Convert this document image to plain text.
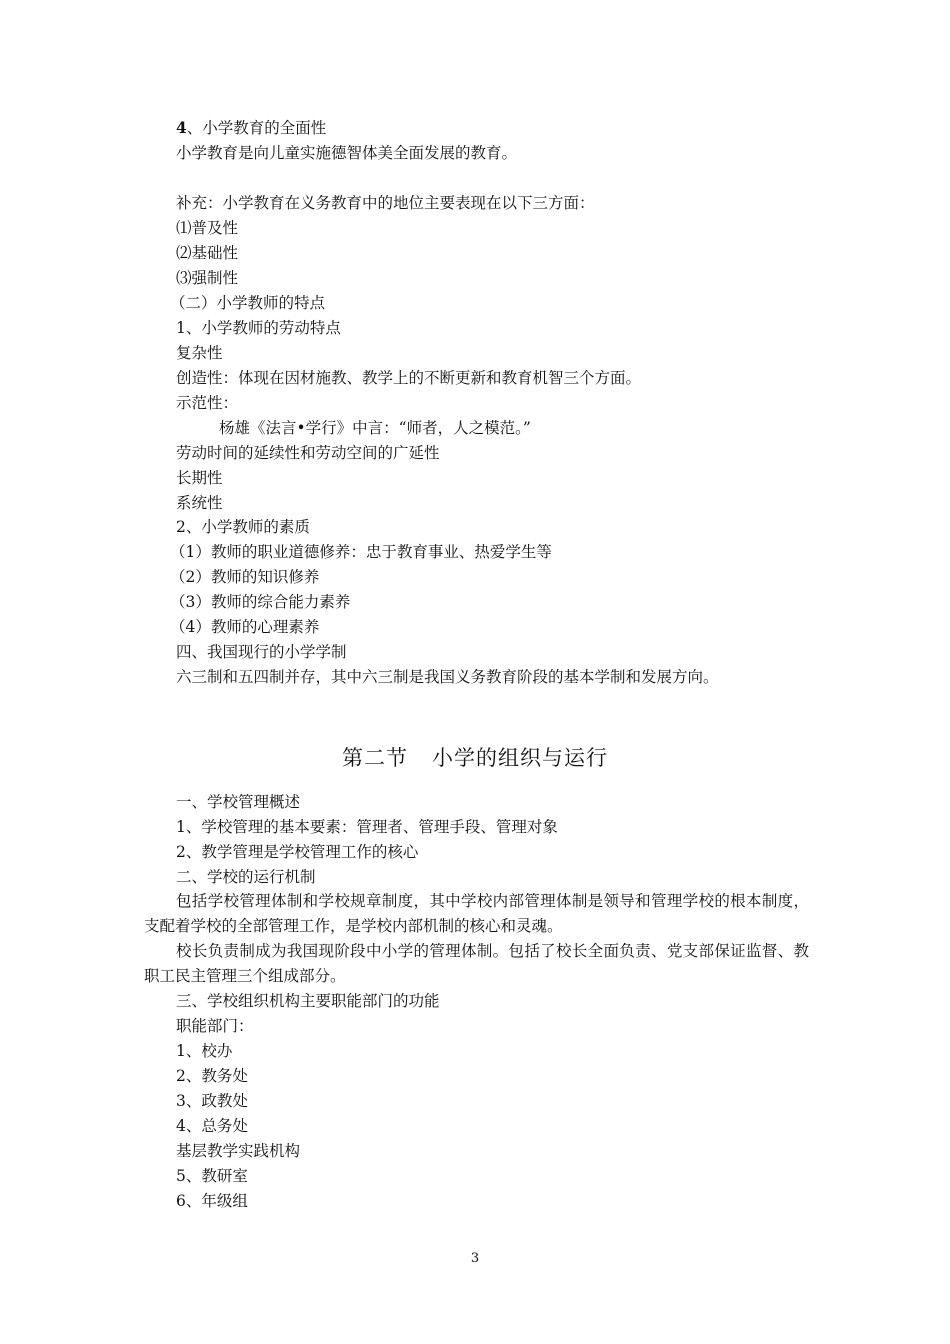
4、小学教育的全面性
小学教育是向儿童实施德智体美全面发展的教育。
补充：小学教育在义务教育中的地位主要表现在以下三方面：
⑴普及性
⑵基础性
⑶强制性
（二）小学教师的特点
1、小学教师的劳动特点
复杂性
创造性：体现在因材施教、教学上的不断更新和教育机智三个方面。
示范性：
杨雄《法言•学行》中言：“师者，人之模范。”
劳动时间的延续性和劳动空间的广延性
长期性
系统性
2、小学教师的素质
（1）教师的职业道德修养：忠于教育事业、热爱学生等
（2）教师的知识修养
（3）教师的综合能力素养
（4）教师的心理素养
四、我国现行的小学学制
六三制和五四制并存，其中六三制是我国义务教育阶段的基本学制和发展方向。
第二节 小学的组织与运行
一、学校管理概述
1、学校管理的基本要素：管理者、管理手段、管理对象
2、教学管理是学校管理工作的核心
二、学校的运行机制
包括学校管理体制和学校规章制度，其中学校内部管理体制是领导和管理学校的根本制度，支配着学校的全部管理工作，是学校内部机制的核心和灵魂。
校长负责制成为我国现阶段中小学的管理体制。包括了校长全面负责、党支部保证监督、教职工民主管理三个组成部分。
三、学校组织机构主要职能部门的功能
职能部门：
1、校办
2、教务处
3、政教处
4、总务处
基层教学实践机构
5、教研室
6、年级组
3
